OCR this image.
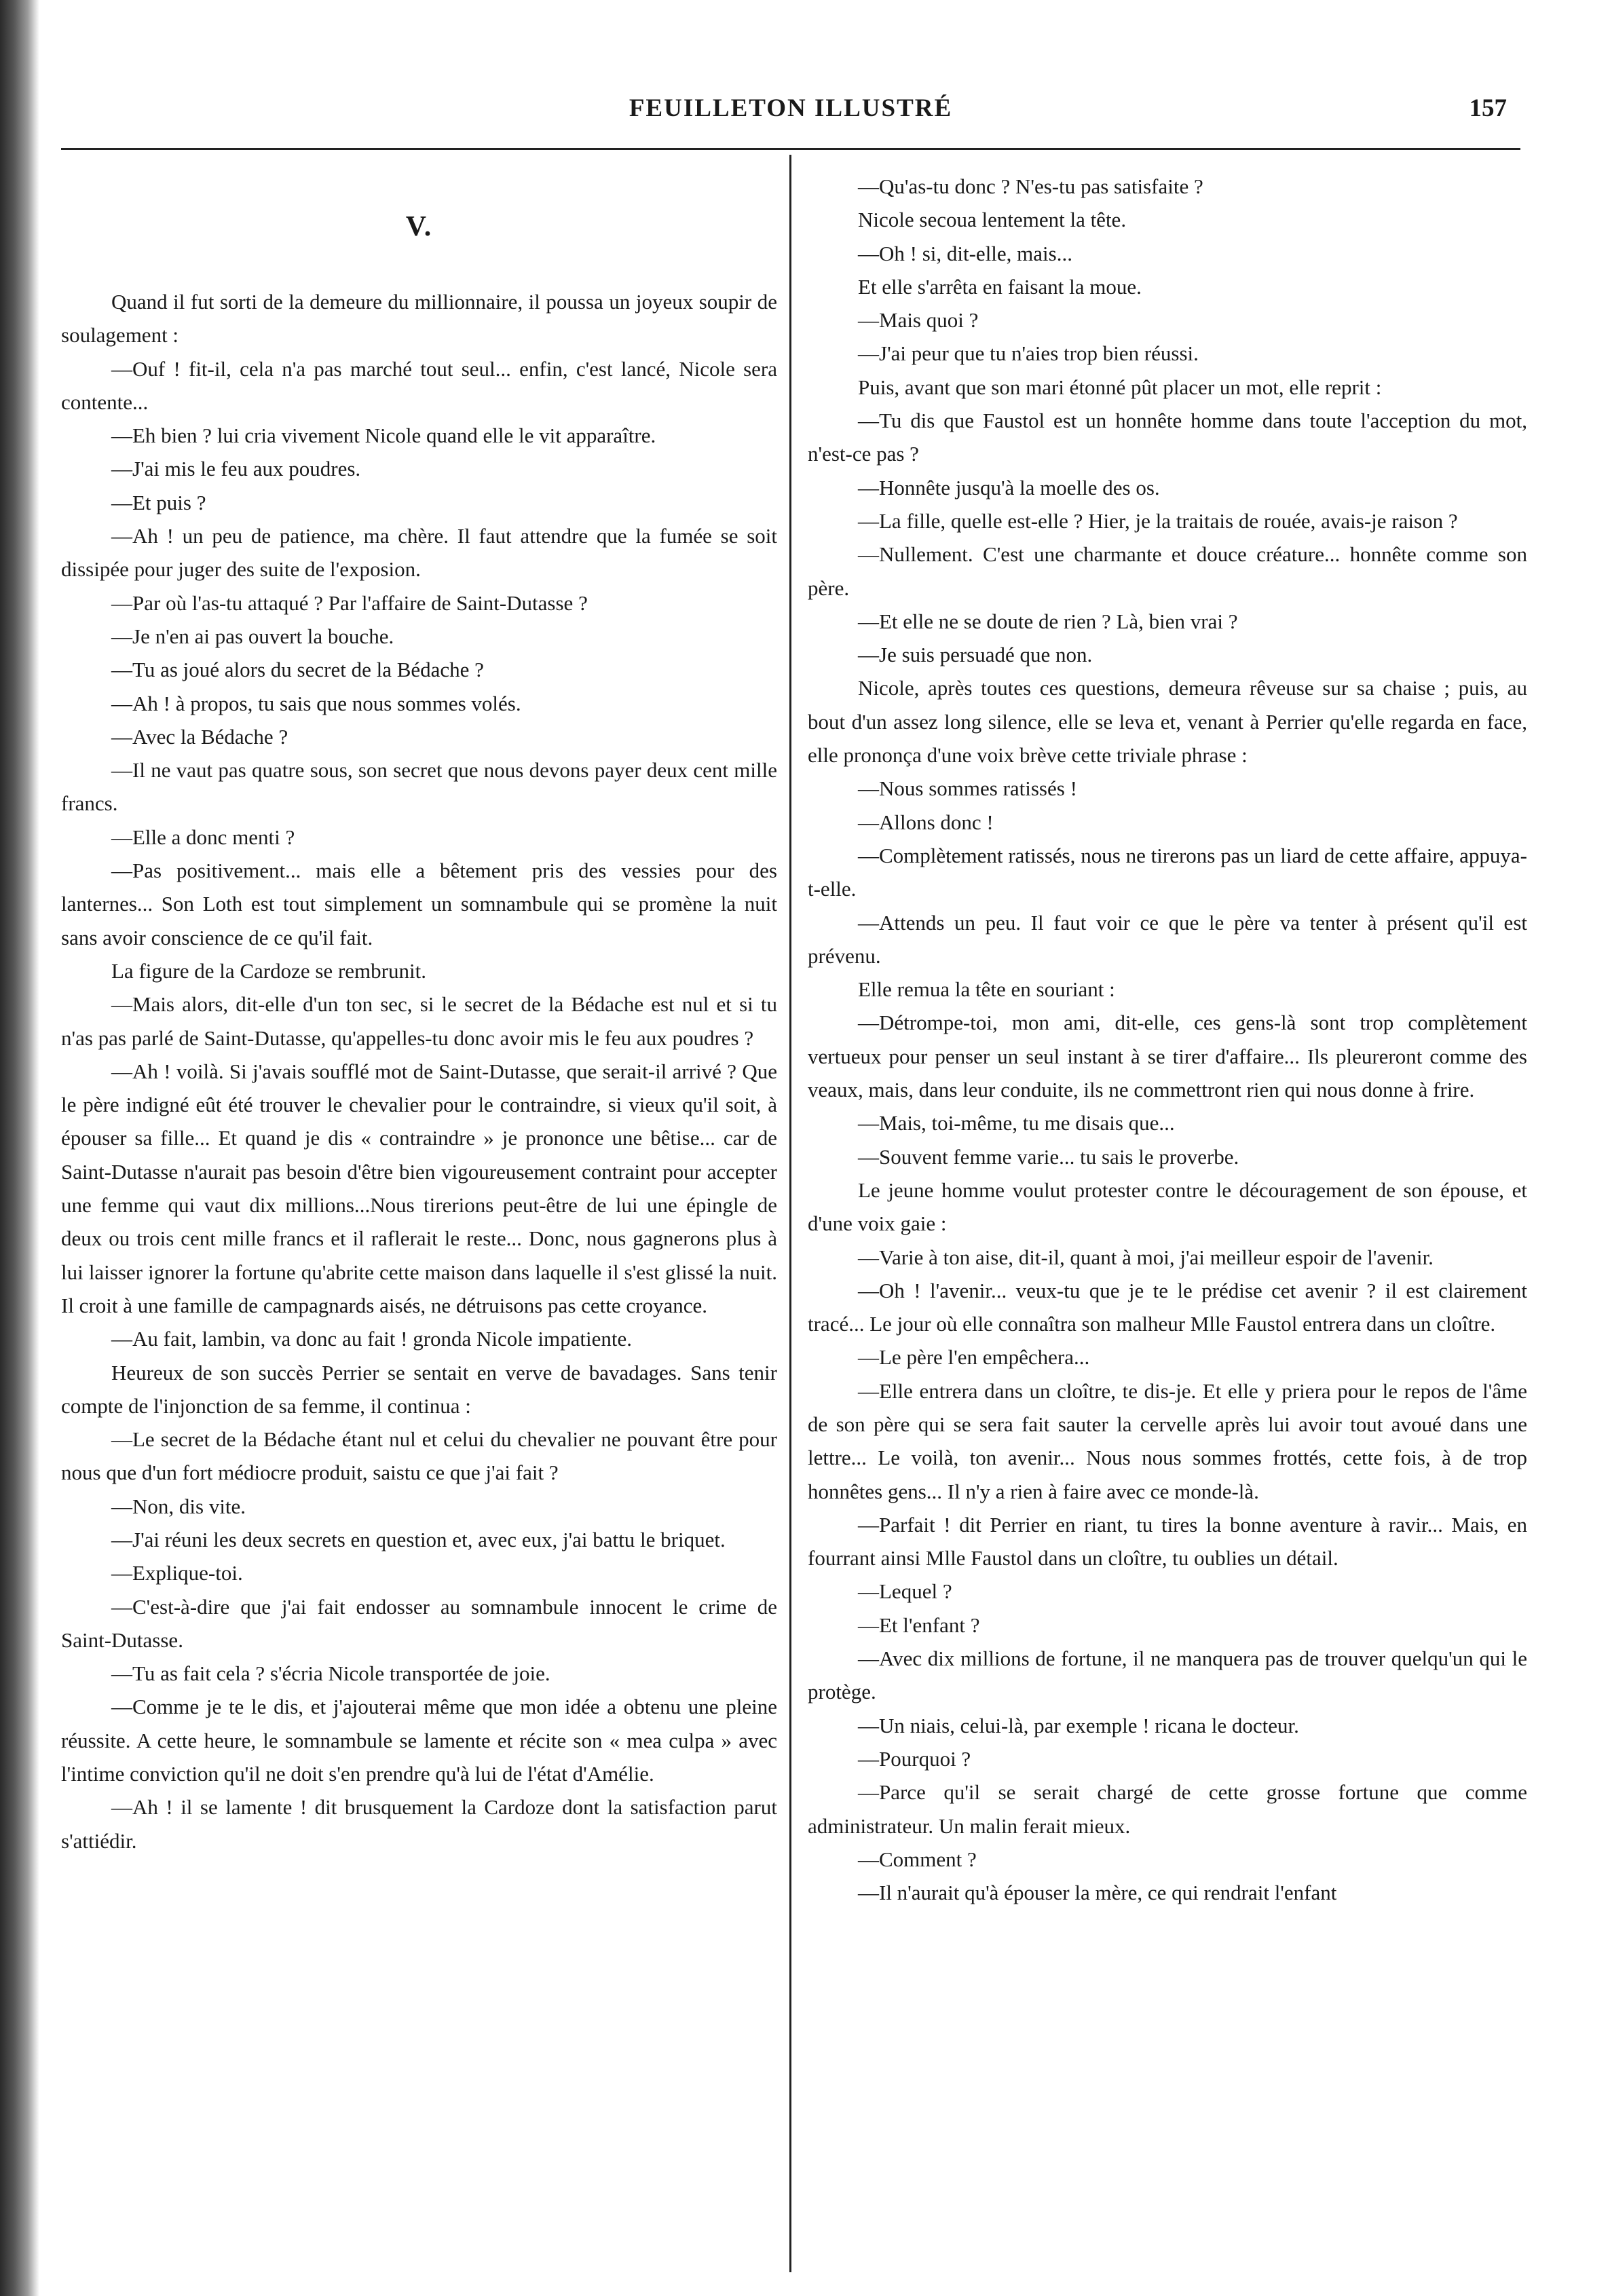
FEUILLETON ILLUSTRÉ	157
V.

Quand il fut sorti de la demeure du millionnaire, il poussa un joyeux soupir de soulagement :

—Ouf ! fit-il, cela n'a pas marché tout seul... enfin, c'est lancé, Nicole sera contente...

—Eh bien ? lui cria vivement Nicole quand elle le vit apparaître.

—J'ai mis le feu aux poudres.

—Et puis ?

—Ah ! un peu de patience, ma chère. Il faut attendre que la fumée se soit dissipée pour juger des suite de l'exposion.

—Par où l'as-tu attaqué ? Par l'affaire de Saint-Dutasse ?

—Je n'en ai pas ouvert la bouche.

—Tu as joué alors du secret de la Bédache ?

—Ah ! à propos, tu sais que nous sommes volés.

—Avec la Bédache ?

—Il ne vaut pas quatre sous, son secret que nous devons payer deux cent mille francs.

—Elle a donc menti ?

—Pas positivement... mais elle a bêtement pris des vessies pour des lanternes... Son Loth est tout simplement un somnambule qui se promène la nuit sans avoir conscience de ce qu'il fait.

La figure de la Cardoze se rembrunit.

—Mais alors, dit-elle d'un ton sec, si le secret de la Bédache est nul et si tu n'as pas parlé de Saint-Dutasse, qu'appelles-tu donc avoir mis le feu aux poudres ?

—Ah ! voilà. Si j'avais soufflé mot de Saint-Dutasse, que serait-il arrivé ? Que le père indigné eût été trouver le chevalier pour le contraindre, si vieux qu'il soit, à épouser sa fille... Et quand je dis « contraindre » je prononce une bêtise... car de Saint-Dutasse n'aurait pas besoin d'être bien vigoureusement contraint pour accepter une femme qui vaut dix millions...Nous tirerions peut-être de lui une épingle de deux ou trois cent mille francs et il raflerait le reste... Donc, nous gagnerons plus à lui laisser ignorer la fortune qu'abrite cette maison dans laquelle il s'est glissé la nuit. Il croit à une famille de campagnards aisés, ne détruisons pas cette croyance.

—Au fait, lambin, va donc au fait ! gronda Nicole impatiente.

Heureux de son succès Perrier se sentait en verve de bavadages. Sans tenir compte de l'injonction de sa femme, il continua :

—Le secret de la Bédache étant nul et celui du chevalier ne pouvant être pour nous que d'un fort médiocre produit, saistu ce que j'ai fait ?

—Non, dis vite.

—J'ai réuni les deux secrets en question et, avec eux, j'ai battu le briquet.

—Explique-toi.

—C'est-à-dire que j'ai fait endosser au somnambule innocent le crime de Saint-Dutasse.

—Tu as fait cela ? s'écria Nicole transportée de joie.

—Comme je te le dis, et j'ajouterai même que mon idée a obtenu une pleine réussite. A cette heure, le somnambule se lamente et récite son « mea culpa » avec l'intime conviction qu'il ne doit s'en prendre qu'à lui de l'état d'Amélie.

—Ah ! il se lamente ! dit brusquement la Cardoze dont la satisfaction parut s'attiédir.

—Qu'as-tu donc ? N'es-tu pas satisfaite ?

Nicole secoua lentement la tête.

—Oh ! si, dit-elle, mais...

Et elle s'arrêta en faisant la moue.

—Mais quoi ?

—J'ai peur que tu n'aies trop bien réussi.

Puis, avant que son mari étonné pût placer un mot, elle reprit :

—Tu dis que Faustol est un honnête homme dans toute l'acception du mot, n'est-ce pas ?

—Honnête jusqu'à la moelle des os.

—La fille, quelle est-elle ? Hier, je la traitais de rouée, avais-je raison ?

—Nullement. C'est une charmante et douce créature... honnête comme son père.

—Et elle ne se doute de rien ? Là, bien vrai ?

—Je suis persuadé que non.

Nicole, après toutes ces questions, demeura rêveuse sur sa chaise ; puis, au bout d'un assez long silence, elle se leva et, venant à Perrier qu'elle regarda en face, elle prononça d'une voix brève cette triviale phrase :

—Nous sommes ratissés !

—Allons donc !

—Complètement ratissés, nous ne tirerons pas un liard de cette affaire, appuya-t-elle.

—Attends un peu. Il faut voir ce que le père va tenter à présent qu'il est prévenu.

Elle remua la tête en souriant :

—Détrompe-toi, mon ami, dit-elle, ces gens-là sont trop complètement vertueux pour penser un seul instant à se tirer d'affaire... Ils pleureront comme des veaux, mais, dans leur conduite, ils ne commettront rien qui nous donne à frire.

—Mais, toi-même, tu me disais que...

—Souvent femme varie... tu sais le proverbe.

Le jeune homme voulut protester contre le découragement de son épouse, et d'une voix gaie :

—Varie à ton aise, dit-il, quant à moi, j'ai meilleur espoir de l'avenir.

—Oh ! l'avenir... veux-tu que je te le prédise cet avenir ? il est clairement tracé... Le jour où elle connaîtra son malheur Mlle Faustol entrera dans un cloître.

—Le père l'en empêchera...

—Elle entrera dans un cloître, te dis-je. Et elle y priera pour le repos de l'âme de son père qui se sera fait sauter la cervelle après lui avoir tout avoué dans une lettre... Le voilà, ton avenir... Nous nous sommes frottés, cette fois, à de trop honnêtes gens... Il n'y a rien à faire avec ce monde-là.

—Parfait ! dit Perrier en riant, tu tires la bonne aventure à ravir... Mais, en fourrant ainsi Mlle Faustol dans un cloître, tu oublies un détail.

—Lequel ?

—Et l'enfant ?

—Avec dix millions de fortune, il ne manquera pas de trouver quelqu'un qui le protège.

—Un niais, celui-là, par exemple ! ricana le docteur.

—Pourquoi ?

—Parce qu'il se serait chargé de cette grosse fortune que comme administrateur. Un malin ferait mieux.

—Comment ?

—Il n'aurait qu'à épouser la mère, ce qui rendrait l'enfant
